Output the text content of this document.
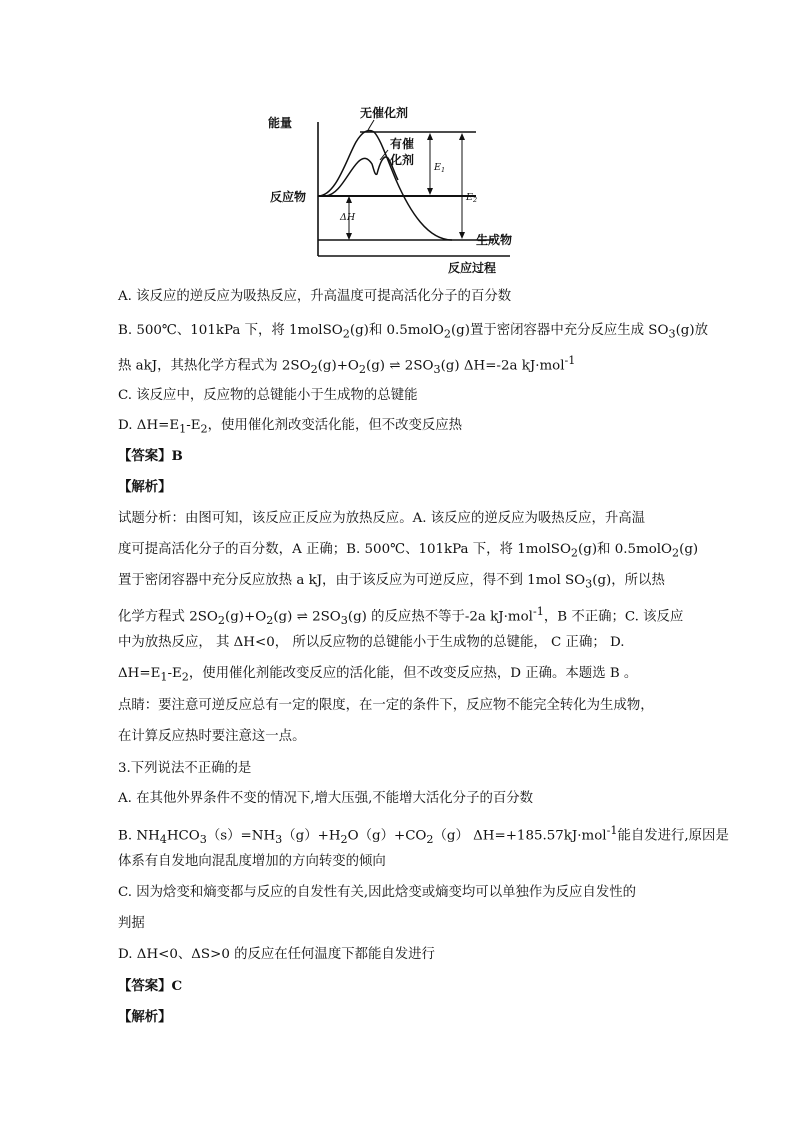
能量
反应物
生成物
反应过程
无催化剂
有催
化剂
$E_1$
$E_2$
ΔH
A. 该反应的逆反应为吸热反应，升高温度可提高活化分子的百分数
B. 500℃、101kPa 下，将 1molSO$_2$(g)和 0.5molO$_2$(g)置于密闭容器中充分反应生成 $SO_3(g)$放
热 akJ，其热化学方程式为 $2SO_2(g)+O_2(g)$ ⇌ $2SO_3(g)$ ΔH=-2a kJ·mol$^{-1}$
C. 该反应中，反应物的总键能小于生成物的总键能
D. $\Delta H=E_1-E_2$，使用催化剂改变活化能，但不改变反应热
【答案】B
【解析】
试题分析：由图可知，该反应正反应为放热反应。A. 该反应的逆反应为吸热反应，升高温
度可提高活化分子的百分数，A 正确；B. 500℃、101kPa 下，将 1molSO$_2$(g)和 0.5molO$_2$(g)
置于密闭容器中充分反应放热 a kJ，由于该反应为可逆反应，得不到 1mol $SO_3(g)$，所以热
化学方程式 $2SO_2(g)+O_2(g)$ ⇌ $2SO_3(g)$ 的反应热不等于-2a kJ·mol$^{-1}$，B 不正确；C. 该反应
中为放热反应， 其 ΔH<0， 所以反应物的总键能小于生成物的总键能， C 正确； D.
$\Delta H=E_1-E_2$，使用催化剂能改变反应的活化能，但不改变反应热，D 正确。本题选 B 。
点睛：要注意可逆反应总有一定的限度，在一定的条件下，反应物不能完全转化为生成物，
在计算反应热时要注意这一点。
3.下列说法不正确的是
A. 在其他外界条件不变的情况下,增大压强,不能增大活化分子的百分数
B. $NH_4HCO_3(s)=NH_3(g)+H_2O(g)+CO_2(g)$ ΔH=+185.57kJ·mol$^{-1}$能自发进行,原因是
体系有自发地向混乱度增加的方向转变的倾向
C. 因为焓变和熵变都与反应的自发性有关,因此焓变或熵变均可以单独作为反应自发性的
判据
D. ΔH<0、ΔS>0 的反应在任何温度下都能自发进行
【答案】C
【解析】
